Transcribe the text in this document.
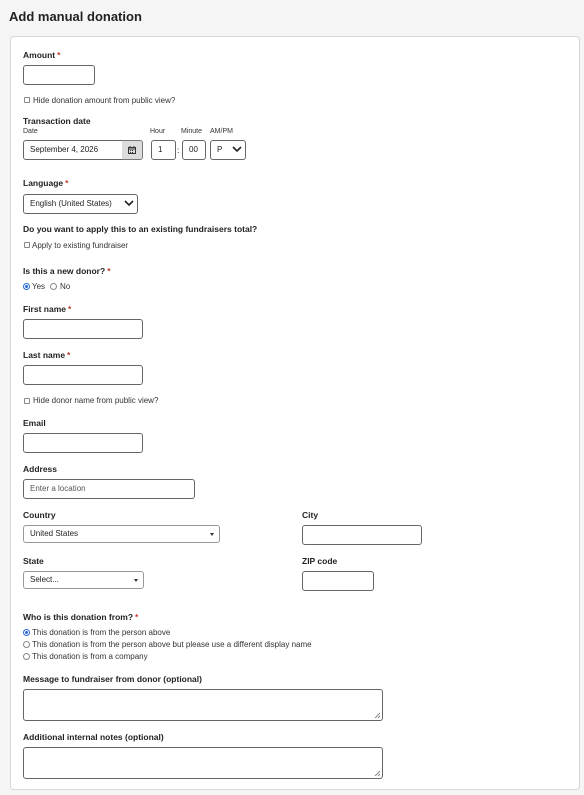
Add manual donation
Amount *
Hide donation amount from public view?
Transaction date
Date
September 4, 2026
Hour
1	:
Minute
00
AM/PM
P
Language *
English (United States)
Do you want to apply this to an existing fundraisers total?
Apply to existing fundraiser
Is this a new donor? *
Yes No
First name *
Last name *
Hide donor name from public view?
Email
Address
Enter a location
Country
United States
City
State
Select...
ZIP code
Who is this donation from? *
This donation is from the person above
This donation is from the person above but please use a different display name
This donation is from a company
Message to fundraiser from donor (optional)
Additional internal notes (optional)
